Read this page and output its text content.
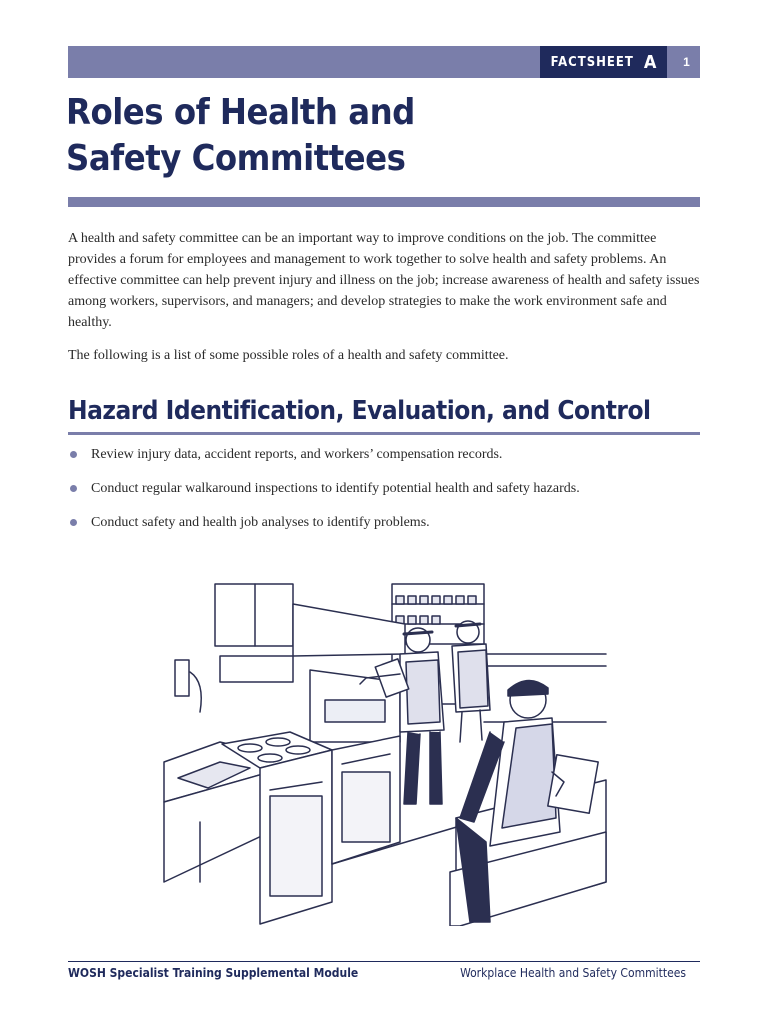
FACTSHEET A	1
Roles of Health and
Safety Committees

A health and safety committee can be an important way to improve conditions on the job. The committee provides a forum for employees and management to work together to solve health and safety problems. An effective committee can help prevent injury and illness on the job; increase awareness of health and safety issues among workers, supervisors, and managers; and develop strategies to make the work environment safe and healthy.

The following is a list of some possible roles of a health and safety committee.

Hazard Identification, Evaluation, and Control
Review injury data, accident reports, and workers’ compensation records.
Conduct regular walkaround inspections to identify potential health and safety hazards.
Conduct safety and health job analyses to identify problems.
WOSH Specialist Training Supplemental Module	Workplace Health and Safety Committees
